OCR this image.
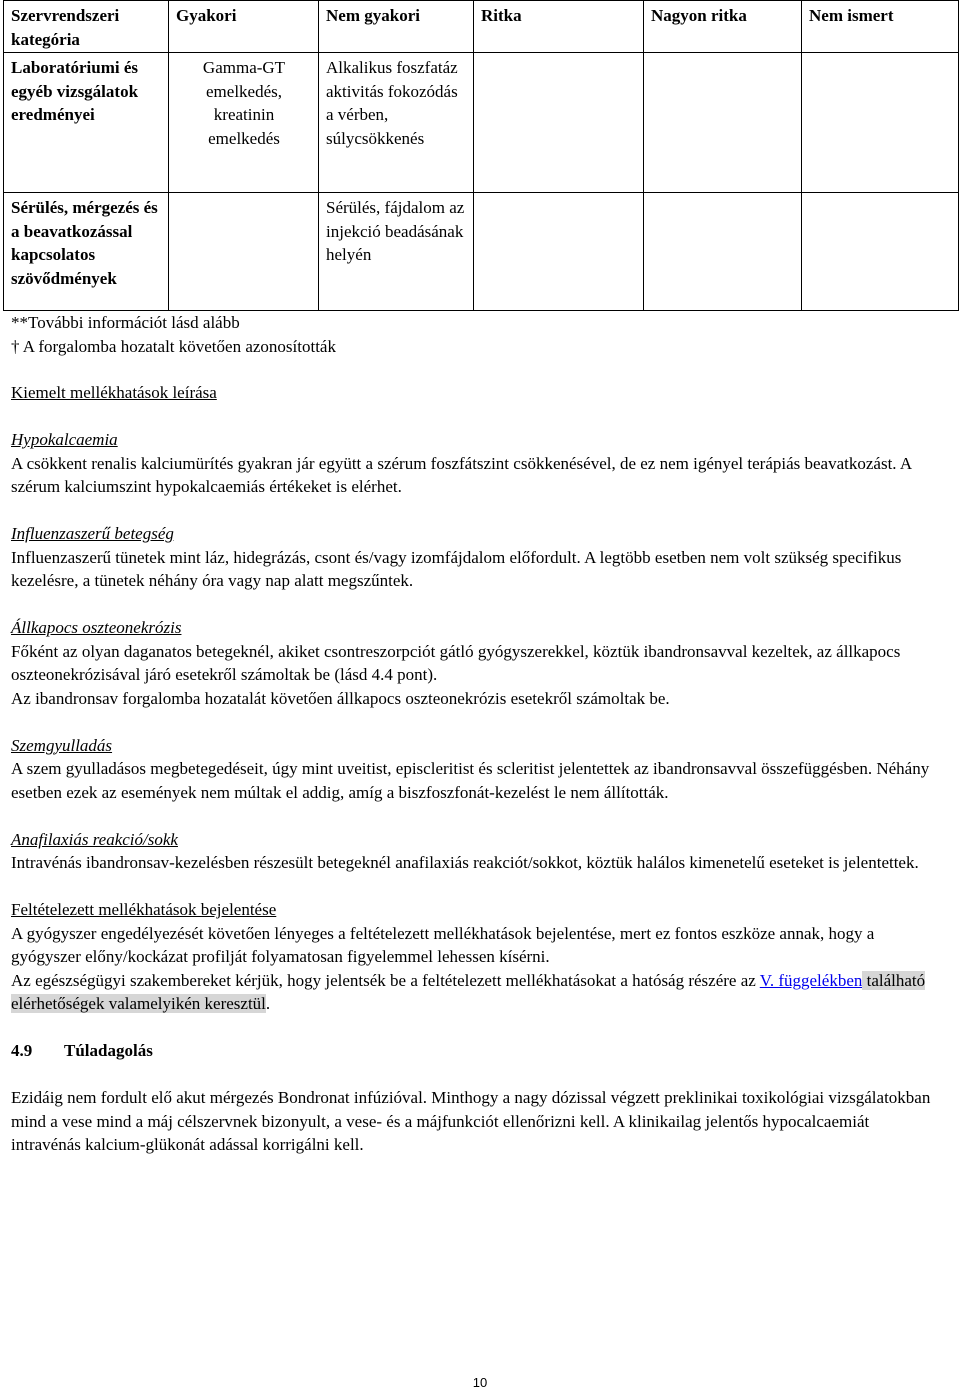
Szervrendszeri kategória	Gyakori	Nem gyakori	Ritka	Nagyon ritka	Nem ismert
Laboratóriumi és egyéb vizsgálatok eredményei	Gamma-GT emelkedés, kreatinin emelkedés	Alkalikus foszfatáz aktivitás fokozódás a vérben, súlycsökkenés			
Sérülés, mérgezés és a beavatkozással kapcsolatos szövődmények		Sérülés, fájdalom az injekció beadásának helyén			
**További információt lásd alább
† A forgalomba hozatalt követően azonosították
Kiemelt mellékhatások leírása
Hypokalcaemia
A csökkent renalis kalciumürítés gyakran jár együtt a szérum foszfátszint csökkenésével, de ez nem igényel terápiás beavatkozást. A szérum kalciumszint hypokalcaemiás értékeket is elérhet.
Influenzaszerű betegség
Influenzaszerű tünetek mint láz, hidegrázás, csont és/vagy izomfájdalom előfordult. A legtöbb esetben nem volt szükség specifikus kezelésre, a tünetek néhány óra vagy nap alatt megszűntek.
Állkapocs oszteonekrózis
Főként az olyan daganatos betegeknél, akiket csontreszorpciót gátló gyógyszerekkel, köztük ibandronsavval kezeltek, az állkapocs oszteonekrózisával járó esetekről számoltak be (lásd 4.4 pont).
Az ibandronsav forgalomba hozatalát követően állkapocs oszteonekrózis esetekről számoltak be.
Szemgyulladás
A szem gyulladásos megbetegedéseit, úgy mint uveitist, episcleritist és scleritist jelentettek az ibandronsavval összefüggésben. Néhány esetben ezek az események nem múltak el addig, amíg a biszfoszfonát-kezelést le nem állították.
Anafilaxiás reakció/sokk
Intravénás ibandronsav-kezelésben részesült betegeknél anafilaxiás reakciót/sokkot, köztük halálos kimenetelű eseteket is jelentettek.
Feltételezett mellékhatások bejelentése
A gyógyszer engedélyezését követően lényeges a feltételezett mellékhatások bejelentése, mert ez fontos eszköze annak, hogy a gyógyszer előny/kockázat profilját folyamatosan figyelemmel lehessen kísérni.
Az egészségügyi szakembereket kérjük, hogy jelentsék be a feltételezett mellékhatásokat a hatóság részére az V. függelékben található elérhetőségek valamelyikén keresztül.
4.9 Túladagolás
Ezidáig nem fordult elő akut mérgezés Bondronat infúzióval. Minthogy a nagy dózissal végzett preklinikai toxikológiai vizsgálatokban mind a vese mind a máj célszervnek bizonyult, a vese- és a májfunkciót ellenőrizni kell. A klinikailag jelentős hypocalcaemiát intravénás kalcium-glükonát adással korrigálni kell.
10
